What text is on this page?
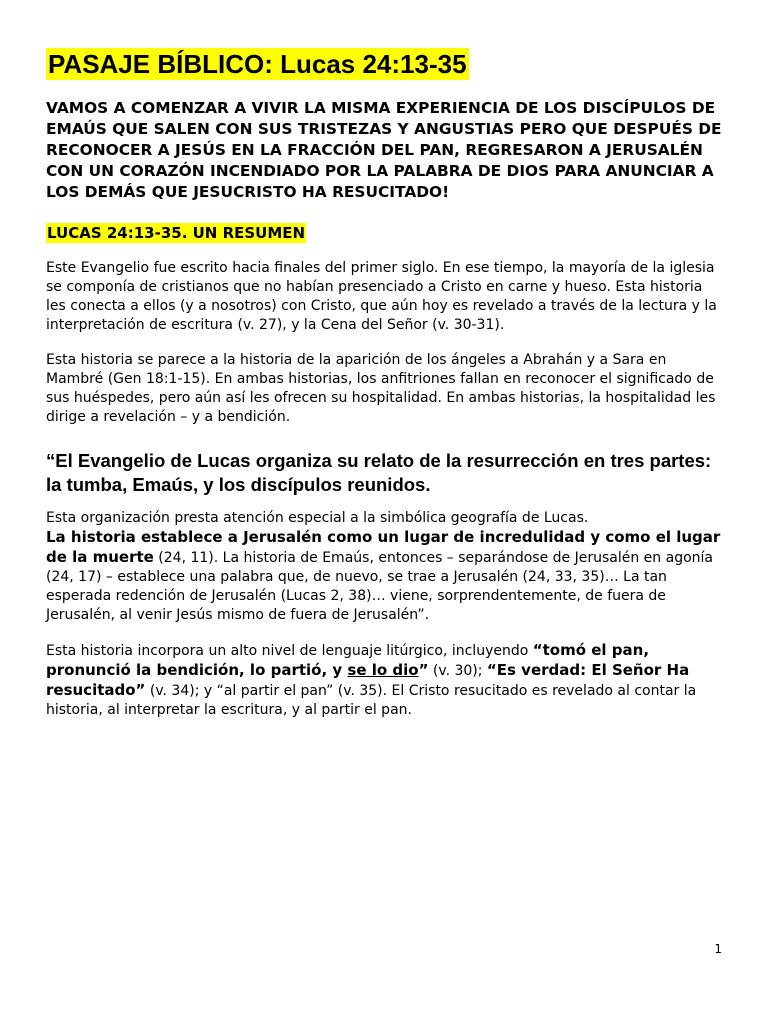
PASAJE BÍBLICO: Lucas 24:13-35

VAMOS A COMENZAR A VIVIR LA MISMA EXPERIENCIA DE LOS DISCÍPULOS DE EMAÚS QUE SALEN CON SUS TRISTEZAS Y ANGUSTIAS PERO QUE DESPUÉS DE RECONOCER A JESÚS EN LA FRACCIÓN DEL PAN, REGRESARON A JERUSALÉN CON UN CORAZÓN INCENDIADO POR LA PALABRA DE DIOS PARA ANUNCIAR A LOS DEMÁS QUE JESUCRISTO HA RESUCITADO!

LUCAS 24:13-35. UN RESUMEN

Este Evangelio fue escrito hacia finales del primer siglo. En ese tiempo, la mayoría de la iglesia se componía de cristianos que no habían presenciado a Cristo en carne y hueso. Esta historia les conecta a ellos (y a nosotros) con Cristo, que aún hoy es revelado a través de la lectura y la interpretación de escritura (v. 27), y la Cena del Señor (v. 30-31).

Esta historia se parece a la historia de la aparición de los ángeles a Abrahán y a Sara en Mambré (Gen 18:1-15). En ambas historias, los anfitriones fallan en reconocer el significado de sus huéspedes, pero aún así les ofrecen su hospitalidad. En ambas historias, la hospitalidad les dirige a revelación – y a bendición.

“El Evangelio de Lucas organiza su relato de la resurrección en tres partes: la tumba, Emaús, y los discípulos reunidos.

Esta organización presta atención especial a la simbólica geografía de Lucas.
La historia establece a Jerusalén como un lugar de incredulidad y como el lugar de la muerte (24, 11). La historia de Emaús, entonces – separándose de Jerusalén en agonía (24, 17) – establece una palabra que, de nuevo, se trae a Jerusalén (24, 33, 35)… La tan esperada redención de Jerusalén (Lucas 2, 38)… viene, sorprendentemente, de fuera de Jerusalén, al venir Jesús mismo de fuera de Jerusalén”.

Esta historia incorpora un alto nivel de lenguaje litúrgico, incluyendo “tomó el pan, pronunció la bendición, lo partió, y se lo dio” (v. 30); “Es verdad: El Señor Ha resucitado” (v. 34); y “al partir el pan” (v. 35). El Cristo resucitado es revelado al contar la historia, al interpretar la escritura, y al partir el pan.

1
